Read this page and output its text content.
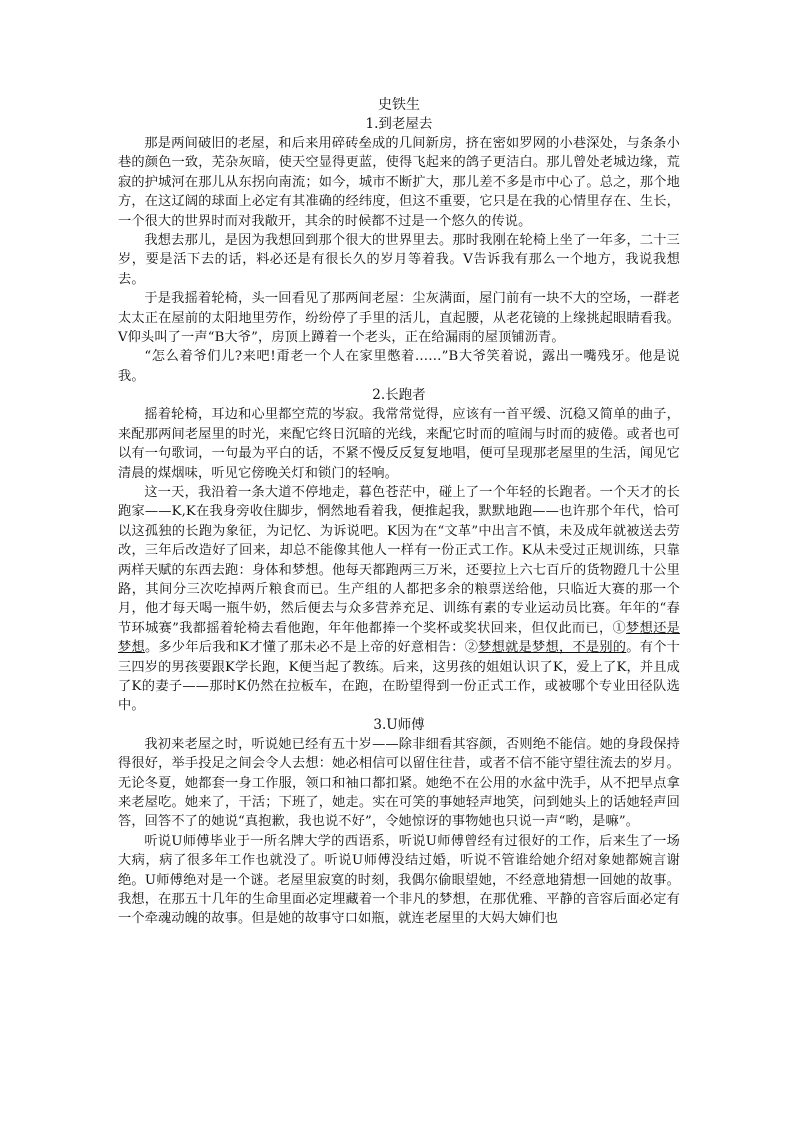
史铁生

1.到老屋去

那是两间破旧的老屋，和后来用碎砖垒成的几间新房，挤在密如罗网的小巷深处，与条条小巷的颜色一致，芜杂灰暗，使天空显得更蓝，使得飞起来的鸽子更洁白。那儿曾处老城边缘，荒寂的护城河在那儿从东拐向南流；如今，城市不断扩大，那儿差不多是市中心了。总之，那个地方，在这辽阔的球面上必定有其准确的经纬度，但这不重要，它只是在我的心情里存在、生长，一个很大的世界时而对我敞开，其余的时候都不过是一个悠久的传说。

我想去那儿，是因为我想回到那个很大的世界里去。那时我刚在轮椅上坐了一年多，二十三岁，要是活下去的话，料必还是有很长久的岁月等着我。V告诉我有那么一个地方，我说我想去。

于是我摇着轮椅，头一回看见了那两间老屋：尘灰满面，屋门前有一块不大的空场，一群老太太正在屋前的太阳地里劳作，纷纷停了手里的活儿，直起腰，从老花镜的上缘挑起眼睛看我。V仰头叫了一声“B大爷”，房顶上蹲着一个老头，正在给漏雨的屋顶铺沥青。

“怎么着爷们儿?来吧!甭老一个人在家里憋着……”B大爷笑着说，露出一嘴残牙。他是说我。

2.长跑者

摇着轮椅，耳边和心里都空荒的岑寂。我常常觉得，应该有一首平缓、沉稳又简单的曲子，来配那两间老屋里的时光，来配它终日沉暗的光线，来配它时而的喧闹与时而的疲倦。或者也可以有一句歌词，一句最为平白的话，不紧不慢反反复复地唱，便可呈现那老屋里的生活，闻见它清晨的煤烟味，听见它傍晚关灯和锁门的轻响。

这一天，我沿着一条大道不停地走，暮色苍茫中，碰上了一个年轻的长跑者。一个天才的长跑家——K,K在我身旁收住脚步，惘然地看着我，便推起我，默默地跑——也许那个年代，恰可以这孤独的长跑为象征，为记忆、为诉说吧。K因为在“文革”中出言不慎，未及成年就被送去劳改，三年后改造好了回来，却总不能像其他人一样有一份正式工作。K从未受过正规训练，只靠两样天赋的东西去跑：身体和梦想。他每天都跑两三万米，还要拉上六七百斤的货物蹬几十公里路，其间分三次吃掉两斤粮食而已。生产组的人都把多余的粮票送给他，只临近大赛的那一个月，他才每天喝一瓶牛奶，然后便去与众多营养充足、训练有素的专业运动员比赛。年年的“春节环城赛”我都摇着轮椅去看他跑，年年他都捧一个奖杯或奖状回来，但仅此而已，①梦想还是梦想。多少年后我和K才懂了那未必不是上帝的好意相告：②梦想就是梦想，不是别的。有个十三四岁的男孩要跟K学长跑，K便当起了教练。后来，这男孩的姐姐认识了K，爱上了K，并且成了K的妻子——那时K仍然在拉板车，在跑，在盼望得到一份正式工作，或被哪个专业田径队选中。

3.U师傅

我初来老屋之时，听说她已经有五十岁——除非细看其容颜，否则绝不能信。她的身段保持得很好，举手投足之间会令人去想：她必相信可以留住往昔，或者不信不能守望往流去的岁月。无论冬夏，她都套一身工作服，领口和袖口都扣紧。她绝不在公用的水盆中洗手，从不把早点拿来老屋吃。她来了，干活；下班了，她走。实在可笑的事她轻声地笑，问到她头上的话她轻声回答，回答不了的她说“真抱歉，我也说不好”，令她惊讶的事物她也只说一声“哟，是嘛”。

听说U师傅毕业于一所名牌大学的西语系，听说U师傅曾经有过很好的工作，后来生了一场大病，病了很多年工作也就没了。听说U师傅没结过婚，听说不管谁给她介绍对象她都婉言谢绝。U师傅绝对是一个谜。老屋里寂寞的时刻，我偶尔偷眼望她，不经意地猜想一回她的故事。我想，在那五十几年的生命里面必定埋藏着一个非凡的梦想，在那优雅、平静的音容后面必定有一个牵魂动魄的故事。但是她的故事守口如瓶，就连老屋里的大妈大婶们也
